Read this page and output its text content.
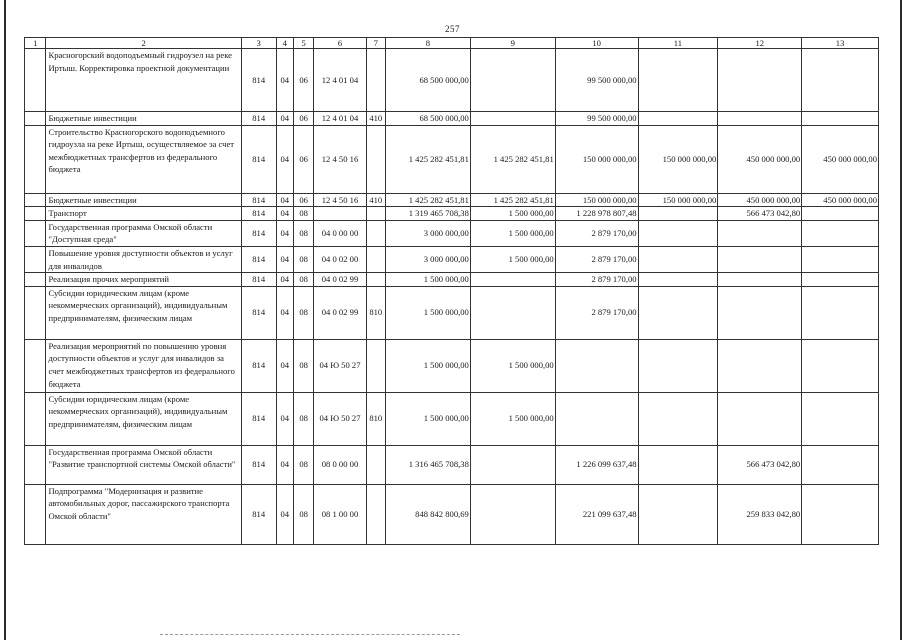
257
1	2	3	4	5	6	7	8	9	10	11	12	13
	Красногорский водоподъемный гидроузел на реке Иртыш. Корректировка проектной документации	814	04	06	12 4 01 04		68 500 000,00		99 500 000,00			
	Бюджетные инвестиции	814	04	06	12 4 01 04	410	68 500 000,00		99 500 000,00			
	Строительство Красногорского водоподъемного гидроузла на реке Иртыш, осуществляемое за счет межбюджетных трансфертов из федерального бюджета	814	04	06	12 4 50 16		1 425 282 451,81	1 425 282 451,81	150 000 000,00	150 000 000,00	450 000 000,00	450 000 000,00
	Бюджетные инвестиции	814	04	06	12 4 50 16	410	1 425 282 451,81	1 425 282 451,81	150 000 000,00	150 000 000,00	450 000 000,00	450 000 000,00
	Транспорт	814	04	08			1 319 465 708,38	1 500 000,00	1 228 978 807,48		566 473 042,80	
	Государственная программа Омской области "Доступная среда"	814	04	08	04 0 00 00		3 000 000,00	1 500 000,00	2 879 170,00			
	Повышение уровня доступности объектов и услуг для инвалидов	814	04	08	04 0 02 00		3 000 000,00	1 500 000,00	2 879 170,00			
	Реализация прочих мероприятий	814	04	08	04 0 02 99		1 500 000,00		2 879 170,00			
	Субсидии юридическим лицам (кроме некоммерческих организаций), индивидуальным предпринимателям, физическим лицам	814	04	08	04 0 02 99	810	1 500 000,00		2 879 170,00			
	Реализация мероприятий по повышению уровня доступности объектов и услуг для инвалидов за счет межбюджетных трансфертов из федерального бюджета	814	04	08	04 Ю 50 27		1 500 000,00	1 500 000,00				
	Субсидии юридическим лицам (кроме некоммерческих организаций), индивидуальным предпринимателям, физическим лицам	814	04	08	04 Ю 50 27	810	1 500 000,00	1 500 000,00				
	Государственная программа Омской области "Развитие транспортной системы Омской области"	814	04	08	08 0 00 00		1 316 465 708,38		1 226 099 637,48		566 473 042,80	
	Подпрограмма "Модернизация и развитие автомобильных дорог, пассажирского транспорта Омской области"	814	04	08	08 1 00 00		848 842 800,69		221 099 637,48		259 833 042,80	
